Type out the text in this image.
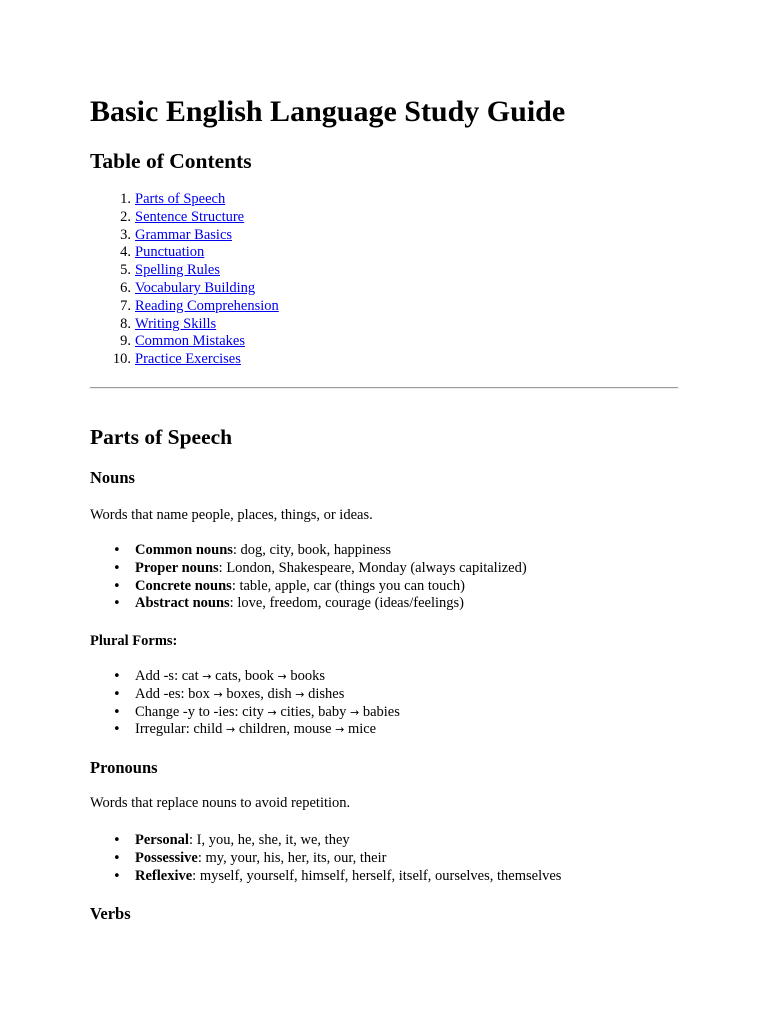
Basic English Language Study Guide
Table of Contents
1. Parts of Speech
2. Sentence Structure
3. Grammar Basics
4. Punctuation
5. Spelling Rules
6. Vocabulary Building
7. Reading Comprehension
8. Writing Skills
9. Common Mistakes
10. Practice Exercises
Parts of Speech
Nouns

Words that name people, places, things, or ideas.

• Common nouns: dog, city, book, happiness
• Proper nouns: London, Shakespeare, Monday (always capitalized)
• Concrete nouns: table, apple, car (things you can touch)
• Abstract nouns: love, freedom, courage (ideas/feelings)
Plural Forms:
• Add -s: cat → cats, book → books
• Add -es: box → boxes, dish → dishes
• Change -y to -ies: city → cities, baby → babies
• Irregular: child → children, mouse → mice
Pronouns

Words that replace nouns to avoid repetition.

• Personal: I, you, he, she, it, we, they
• Possessive: my, your, his, her, its, our, their
• Reflexive: myself, yourself, himself, herself, itself, ourselves, themselves
Verbs
